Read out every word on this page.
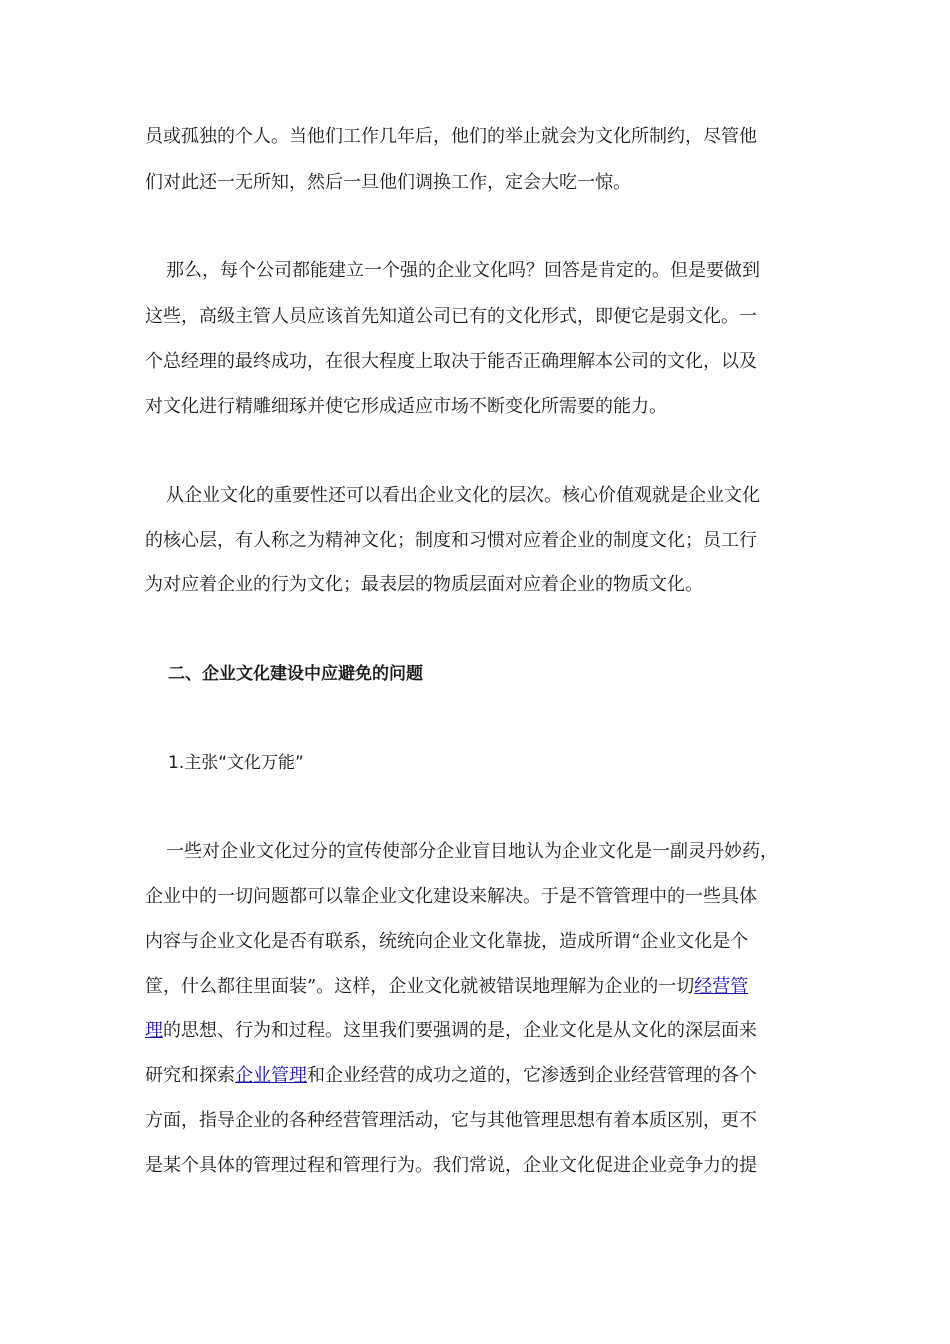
员或孤独的个人。当他们工作几年后，他们的举止就会为文化所制约，尽管他
们对此还一无所知，然后一旦他们调换工作，定会大吃一惊。
那么，每个公司都能建立一个强的企业文化吗？回答是肯定的。但是要做到
这些，高级主管人员应该首先知道公司已有的文化形式，即便它是弱文化。一
个总经理的最终成功，在很大程度上取决于能否正确理解本公司的文化，以及
对文化进行精雕细琢并使它形成适应市场不断变化所需要的能力。
从企业文化的重要性还可以看出企业文化的层次。核心价值观就是企业文化
的核心层，有人称之为精神文化；制度和习惯对应着企业的制度文化；员工行
为对应着企业的行为文化；最表层的物质层面对应着企业的物质文化。
二、企业文化建设中应避免的问题
1.主张“文化万能”
一些对企业文化过分的宣传使部分企业盲目地认为企业文化是一副灵丹妙药，
企业中的一切问题都可以靠企业文化建设来解决。于是不管管理中的一些具体
内容与企业文化是否有联系，统统向企业文化靠拢，造成所谓“企业文化是个
筐，什么都往里面装”。这样，企业文化就被错误地理解为企业的一切经营管
理的思想、行为和过程。这里我们要强调的是，企业文化是从文化的深层面来
研究和探索企业管理和企业经营的成功之道的，它渗透到企业经营管理的各个
方面，指导企业的各种经营管理活动，它与其他管理思想有着本质区别，更不
是某个具体的管理过程和管理行为。我们常说，企业文化促进企业竞争力的提
